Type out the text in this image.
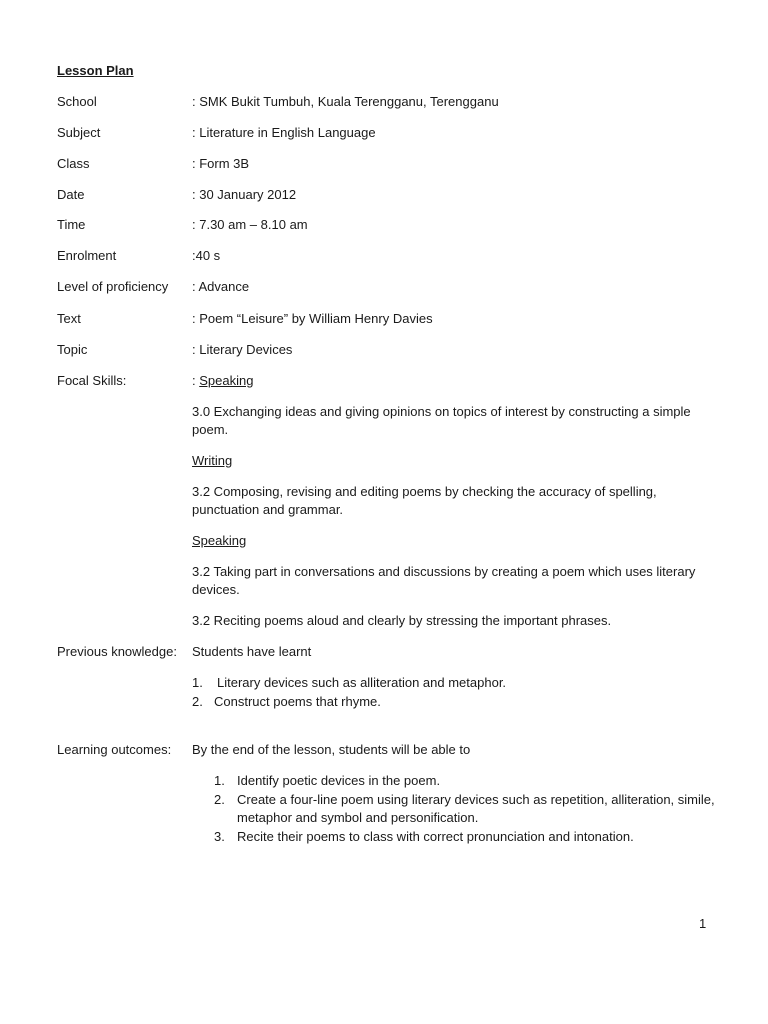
Lesson Plan
School	: SMK Bukit Tumbuh, Kuala Terengganu, Terengganu
Subject	: Literature in English Language
Class	: Form 3B
Date	: 30 January 2012
Time	: 7.30 am – 8.10 am
Enrolment	:40 s
Level of proficiency : Advance
Text	: Poem “Leisure” by William Henry Davies
Topic	: Literary Devices
Focal Skills:	: Speaking
3.0 Exchanging ideas and giving opinions on topics of interest by constructing a simple poem.
Writing
3.2 Composing, revising and editing poems by checking the accuracy of spelling, punctuation and grammar.
Speaking
3.2 Taking part in conversations and discussions by creating a poem which uses literary devices.
3.2 Reciting poems aloud and clearly by stressing the important phrases.
Previous knowledge: Students have learnt
1. Literary devices such as alliteration and metaphor.
2. Construct poems that rhyme.
Learning outcomes: By the end of the lesson, students will be able to
1. Identify poetic devices in the poem.
2. Create a four-line poem using literary devices such as repetition, alliteration, simile, metaphor and symbol and personification.
3. Recite their poems to class with correct pronunciation and intonation.
1
